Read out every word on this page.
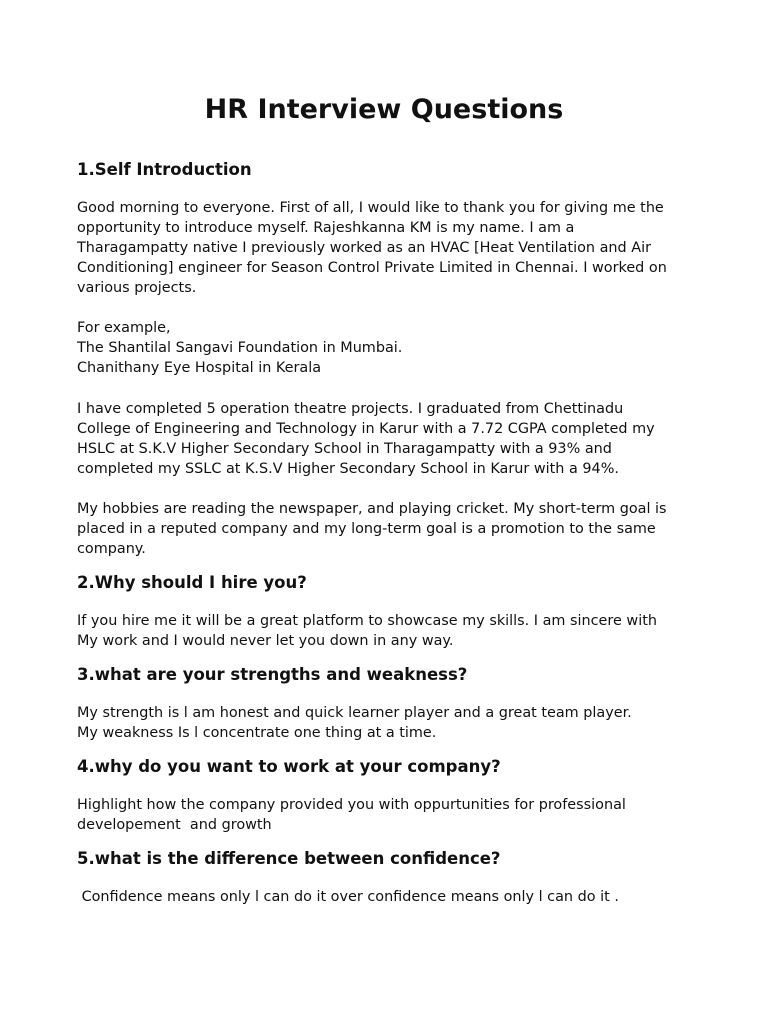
HR Interview Questions
1.Self Introduction

Good morning to everyone. First of all, I would like to thank you for giving me the
opportunity to introduce myself. Rajeshkanna KM is my name. I am a
Tharagampatty native I previously worked as an HVAC [Heat Ventilation and Air
Conditioning] engineer for Season Control Private Limited in Chennai. I worked on
various projects.

For example,
The Shantilal Sangavi Foundation in Mumbai.
Chanithany Eye Hospital in Kerala

I have completed 5 operation theatre projects. I graduated from Chettinadu
College of Engineering and Technology in Karur with a 7.72 CGPA completed my
HSLC at S.K.V Higher Secondary School in Tharagampatty with a 93% and
completed my SSLC at K.S.V Higher Secondary School in Karur with a 94%.

My hobbies are reading the newspaper, and playing cricket. My short-term goal is
placed in a reputed company and my long-term goal is a promotion to the same
company.

2.Why should I hire you?

If you hire me it will be a great platform to showcase my skills. I am sincere with
My work and I would never let you down in any way.

3.what are your strengths and weakness?

My strength is l am honest and quick learner player and a great team player.
My weakness Is l concentrate one thing at a time.

4.why do you want to work at your company?

Highlight how the company provided you with oppurtunities for professional
developement  and growth

5.what is the difference between confidence?

Confidence means only l can do it over confidence means only l can do it .
